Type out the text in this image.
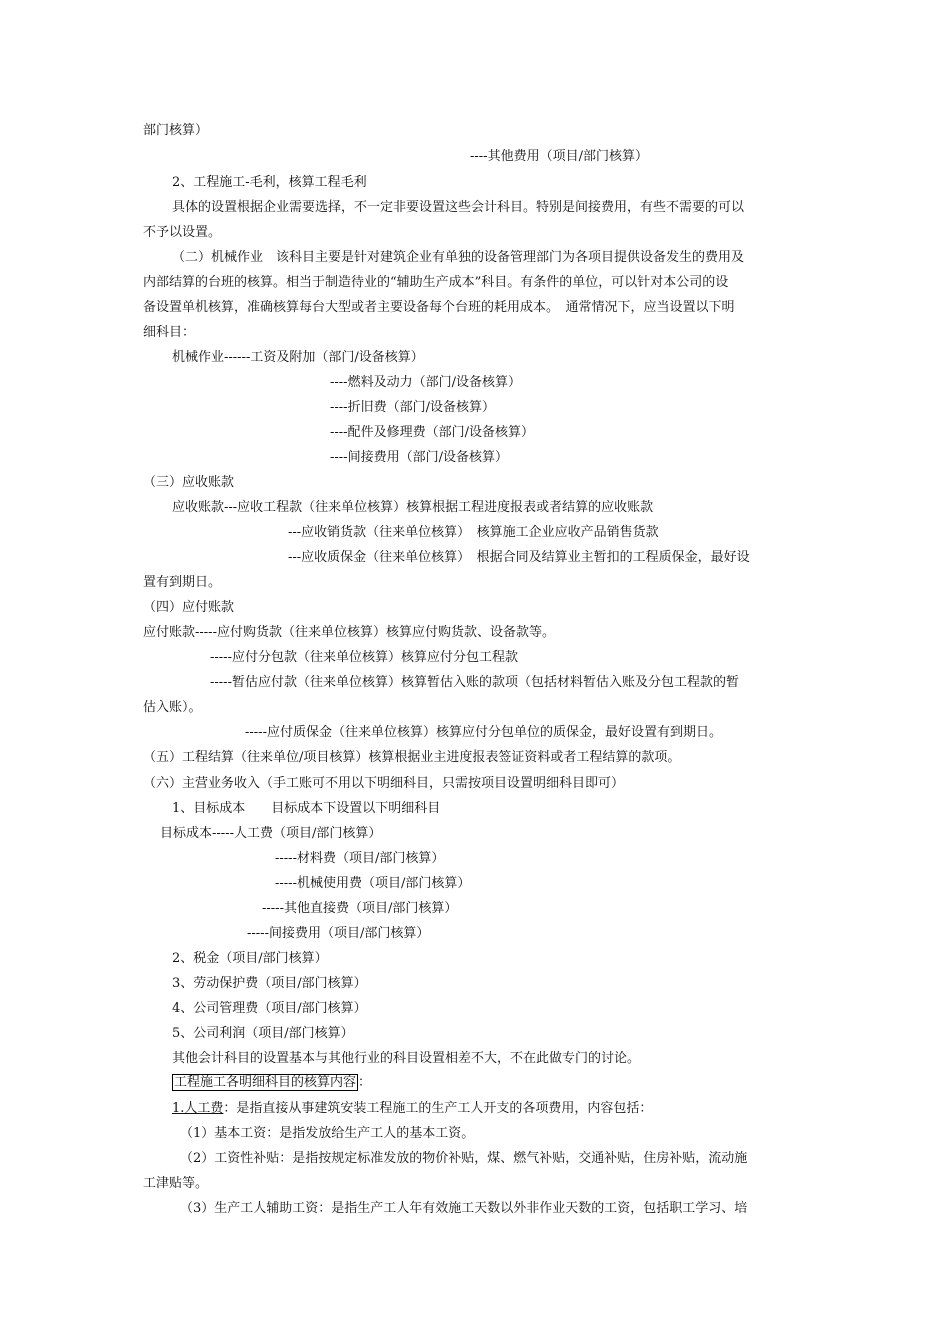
部门核算）
----其他费用（项目/部门核算）
2、工程施工-毛利，核算工程毛利
具体的设置根据企业需要选择，不一定非要设置这些会计科目。特别是间接费用，有些不需要的可以
不予以设置。
（二）机械作业　该科目主要是针对建筑企业有单独的设备管理部门为各项目提供设备发生的费用及
内部结算的台班的核算。相当于制造待业的“辅助生产成本”科目。有条件的单位，可以针对本公司的设
备设置单机核算，准确核算每台大型或者主要设备每个台班的耗用成本。　通常情况下，应当设置以下明
细科目：
机械作业------工资及附加（部门/设备核算）
----燃料及动力（部门/设备核算）
----折旧费（部门/设备核算）
----配件及修理费（部门/设备核算）
----间接费用（部门/设备核算）
（三）应收账款
应收账款---应收工程款（往来单位核算）核算根据工程进度报表或者结算的应收账款
---应收销货款（往来单位核算）　核算施工企业应收产品销售货款
---应收质保金（往来单位核算）　根据合同及结算业主暂扣的工程质保金，最好设
置有到期日。
（四）应付账款
应付账款-----应付购货款（往来单位核算）核算应付购货款、设备款等。
-----应付分包款（往来单位核算）核算应付分包工程款
-----暂估应付款（往来单位核算）核算暂估入账的款项（包括材料暂估入账及分包工程款的暂
估入账）。
-----应付质保金（往来单位核算）核算应付分包单位的质保金，最好设置有到期日。
（五）工程结算（往来单位/项目核算）核算根据业主进度报表签证资料或者工程结算的款项。
（六）主营业务收入（手工账可不用以下明细科目，只需按项目设置明细科目即可）
1、目标成本　　目标成本下设置以下明细科目
目标成本-----人工费（项目/部门核算）
-----材料费（项目/部门核算）
-----机械使用费（项目/部门核算）
-----其他直接费（项目/部门核算）
-----间接费用（项目/部门核算）
2、税金（项目/部门核算）
3、劳动保护费（项目/部门核算）
4、公司管理费（项目/部门核算）
5、公司利润（项目/部门核算）
其他会计科目的设置基本与其他行业的科目设置相差不大，不在此做专门的讨论。
工程施工各明细科目的核算内容 ：
1.人工费：是指直接从事建筑安装工程施工的生产工人开支的各项费用，内容包括：
（1）基本工资：是指发放给生产工人的基本工资。
（2）工资性补贴：是指按规定标准发放的物价补贴，煤、燃气补贴，交通补贴，住房补贴，流动施
工津贴等。
（3）生产工人辅助工资：是指生产工人年有效施工天数以外非作业天数的工资，包括职工学习、培
